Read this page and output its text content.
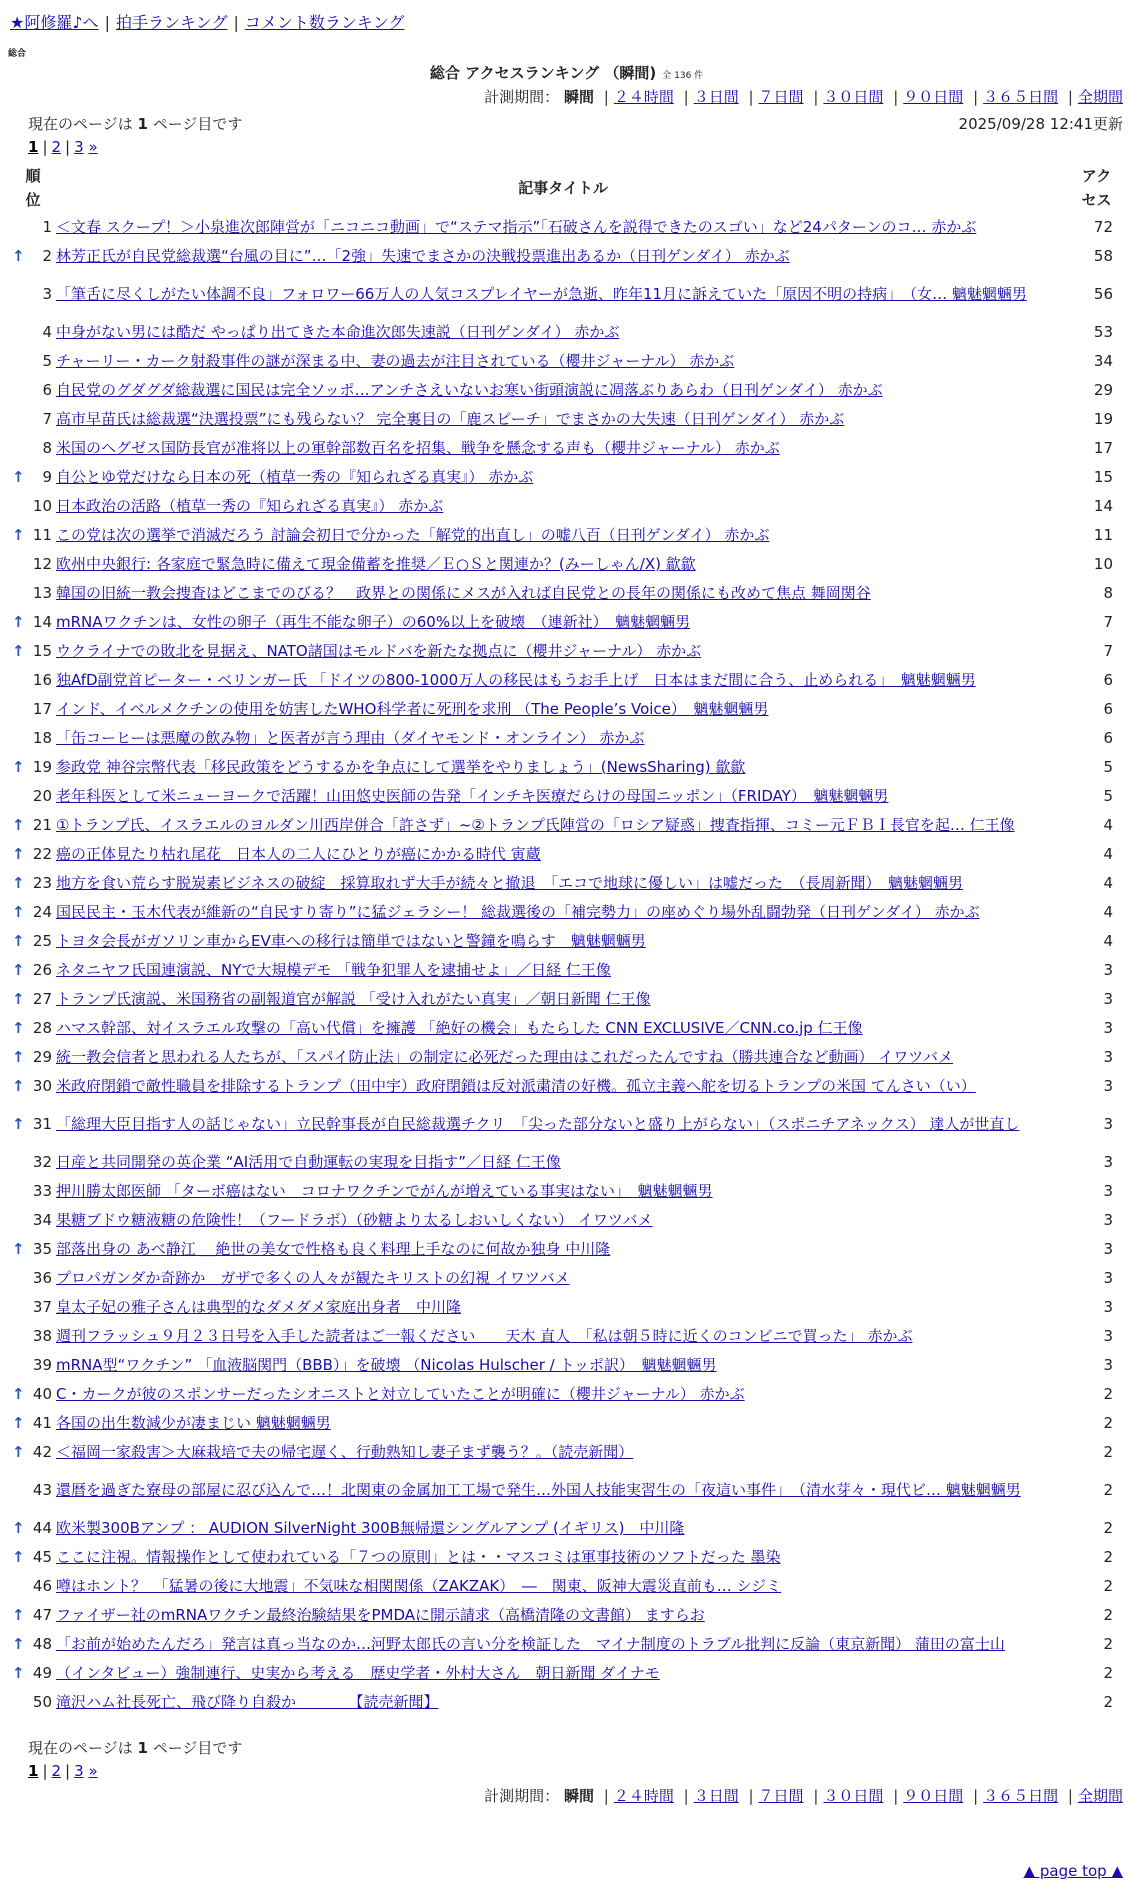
★阿修羅♪へ | 拍手ランキング | コメント数ランキング
総合
総合 アクセスランキング （瞬間) 全 136 件
計測期間： 瞬間 | ２４時間 | ３日間 | ７日間 | ３０日間 | ９０日間 | ３６５日間 | 全期間
現在のページは 1 ページ目です	2025/09/28 12:41更新
1 | 2 | 3 »
順位	記事タイトル	アクセス
1	＜文春 スクープ！＞小泉進次郎陣営が「ニコニコ動画」で“ステマ指示”「石破さんを説得できたのスゴい」など24パターンのコ… 赤かぶ	72

↑ 2	林芳正氏が自民党総裁選“台風の目に”…「2強」失速でまさかの決戦投票進出あるか（日刊ゲンダイ） 赤かぶ	58
3	「筆舌に尽くしがたい体調不良」フォロワー66万人の人気コスプレイヤーが急逝、昨年11月に訴えていた「原因不明の持病」　（女… 魑魅魍魎男	56
4	中身がない男には酷だ やっぱり出てきた本命進次郎失速説（日刊ゲンダイ） 赤かぶ	53
5	チャーリー・カーク射殺事件の謎が深まる中、妻の過去が注目されている（櫻井ジャーナル） 赤かぶ	34
6	自民党のグダグダ総裁選に国民は完全ソッポ…アンチさえいないお寒い街頭演説に凋落ぶりあらわ（日刊ゲンダイ） 赤かぶ	29
7	高市早苗氏は総裁選“決選投票”にも残らない？ 完全裏目の「鹿スピーチ」でまさかの大失速（日刊ゲンダイ） 赤かぶ	19
8	米国のヘグゼス国防長官が准将以上の軍幹部数百名を招集、戦争を懸念する声も（櫻井ジャーナル） 赤かぶ	17

↑ 9	自公とゆ党だけなら日本の死（植草一秀の『知られざる真実』） 赤かぶ	15
10	日本政治の活路（植草一秀の『知られざる真実』） 赤かぶ	14

↑ 11	この党は次の選挙で消滅だろう 討論会初日で分かった「解党的出直し」の嘘八百（日刊ゲンダイ） 赤かぶ	11
12	欧州中央銀行: 各家庭で緊急時に備えて現金備蓄を推奨／Ｅ○Ｓと関連か？(みーしゃん/X) 歙歙	10
13	韓国の旧統一教会捜査はどこまでのびる？　政界との関係にメスが入れば自民党との長年の関係にも改めて焦点 舞岡関谷	8

↑ 14	mRNAワクチンは、女性の卵子（再生不能な卵子）の60%以上を破壊　（連新社）　魑魅魍魎男	7

↑ 15	ウクライナでの敗北を見据え、NATO諸国はモルドバを新たな拠点に（櫻井ジャーナル） 赤かぶ	7
16	独AfD副党首ピーター・ベリンガー氏 「ドイツの800-1000万人の移民はもうお手上げ　日本はまだ間に合う、止められる」　魑魅魍魎男	6
17	インド、イベルメクチンの使用を妨害したWHO科学者に死刑を求刑 （The People’s Voice）　魑魅魍魎男	6
18	「缶コーヒーは悪魔の飲み物」と医者が言う理由（ダイヤモンド・オンライン） 赤かぶ	6

↑ 19	参政党 神谷宗幣代表「移民政策をどうするかを争点にして選挙をやりましょう」(NewsSharing) 歙歙	5
20	老年科医として米ニューヨークで活躍！山田悠史医師の告発「インチキ医療だらけの母国ニッポン」（FRIDAY）　魑魅魍魎男	5

↑ 21	①トランプ氏、イスラエルのヨルダン川西岸併合「許さず」~②トランプ氏陣営の「ロシア疑惑」捜査指揮、コミー元ＦＢＩ長官を起… 仁王像	4

↑ 22	癌の正体見たり枯れ尾花　日本人の二人にひとりが癌にかかる時代 寅蔵	4

↑ 23	地方を食い荒らす脱炭素ビジネスの破綻　採算取れず大手が続々と撤退　「エコで地球に優しい」は嘘だった　（長周新聞）　魑魅魍魎男	4

↑ 24	国民民主・玉木代表が維新の“自民すり寄り”に猛ジェラシー！ 総裁選後の「補完勢力」の座めぐり場外乱闘勃発（日刊ゲンダイ） 赤かぶ	4

↑ 25	トヨタ会長がガソリン車からEV車への移行は簡単ではないと警鐘を鳴らす　魑魅魍魎男	4

↑ 26	ネタニヤフ氏国連演説、NYで大規模デモ 「戦争犯罪人を逮捕せよ」／日経 仁王像	3

↑ 27	トランプ氏演説、米国務省の副報道官が解説 「受け入れがたい真実」／朝日新聞 仁王像	3

↑ 28	ハマス幹部、対イスラエル攻撃の「高い代償」を擁護 「絶好の機会」もたらした CNN EXCLUSIVE／CNN.co.jp 仁王像	3

↑ 29	統一教会信者と思われる人たちが、「スパイ防止法」の制定に必死だった理由はこれだったんですね（勝共連合など動画） イワツバメ	3

↑ 30	米政府閉鎖で敵性職員を排除するトランプ（田中宇）政府閉鎖は反対派粛清の好機。孤立主義へ舵を切るトランプの米国 てんさい（い）	3

↑ 31	「総理大臣目指す人の話じゃない」立民幹事長が自民総裁選チクリ　「尖った部分ないと盛り上がらない」（スポニチアネックス） 達人が世直し	3
32	日産と共同開発の英企業 “AI活用で自動運転の実現を目指す”／日経 仁王像	3
33	押川勝太郎医師 「ターボ癌はない　コロナワクチンでがんが増えている事実はない」　魑魅魍魎男	3
34	果糖ブドウ糖液糖の危険性！（フードラボ）（砂糖より太るしおいしくない） イワツバメ	3

↑ 35	部落出身の あべ静江 ＿絶世の美女で性格も良く料理上手なのに何故か独身 中川隆	3
36	プロパガンダか奇跡か　ガザで多くの人々が観たキリストの幻視 イワツバメ	3
37	皇太子妃の雅子さんは典型的なダメダメ家庭出身者　中川隆	3
38	週刊フラッシュ９月２３日号を入手した読者はご一報ください　　天木 直人　「私は朝５時に近くのコンビニで買った」 赤かぶ	3
39	mRNA型“ワクチン” 「血液脳関門（BBB）」を破壊 （Nicolas Hulscher / トッポ訳）　魑魅魍魎男	3

↑ 40	C・カークが彼のスポンサーだったシオニストと対立していたことが明確に（櫻井ジャーナル） 赤かぶ	2

↑ 41	各国の出生数減少が凄まじい 魑魅魍魎男	2

↑ 42	＜福岡一家殺害＞大麻栽培で夫の帰宅遅く、行動熟知し妻子まず襲う？。（読売新聞）	2
43	還暦を過ぎた寮母の部屋に忍び込んで…！北関東の金属加工工場で発生…外国人技能実習生の「夜這い事件」　（清水芽々・現代ビ… 魑魅魍魎男	2

↑ 44	欧米製300Bアンプ ： AUDION SilverNight 300B無帰還シングルアンプ (イギリス)　中川隆	2

↑ 45	ここに注視。情報操作として使われている「７つの原則」とは・・マスコミは軍事技術のソフトだった 墨染	2
46	噂はホント？　「猛暑の後に大地震」不気味な相関関係（ZAKZAK）　―　関東、阪神大震災直前も… シジミ	2

↑ 47	ファイザー社のmRNAワクチン最終治験結果をPMDAに開示請求（高橋清隆の文書館） ますらお	2

↑ 48	「お前が始めたんだろ」発言は真っ当なのか…河野太郎氏の言い分を検証した　マイナ制度のトラブル批判に反論（東京新聞） 蒲田の富士山	2

↑ 49	（インタビュー）強制連行、史実から考える　歴史学者・外村大さん　朝日新聞 ダイナモ	2
50	滝沢ハム社長死亡、飛び降り自殺か　　　　【読売新聞】	2
現在のページは 1 ページ目です
1 | 2 | 3 »
計測期間： 瞬間 | ２４時間 | ３日間 | ７日間 | ３０日間 | ９０日間 | ３６５日間 | 全期間
▲ page top ▲
